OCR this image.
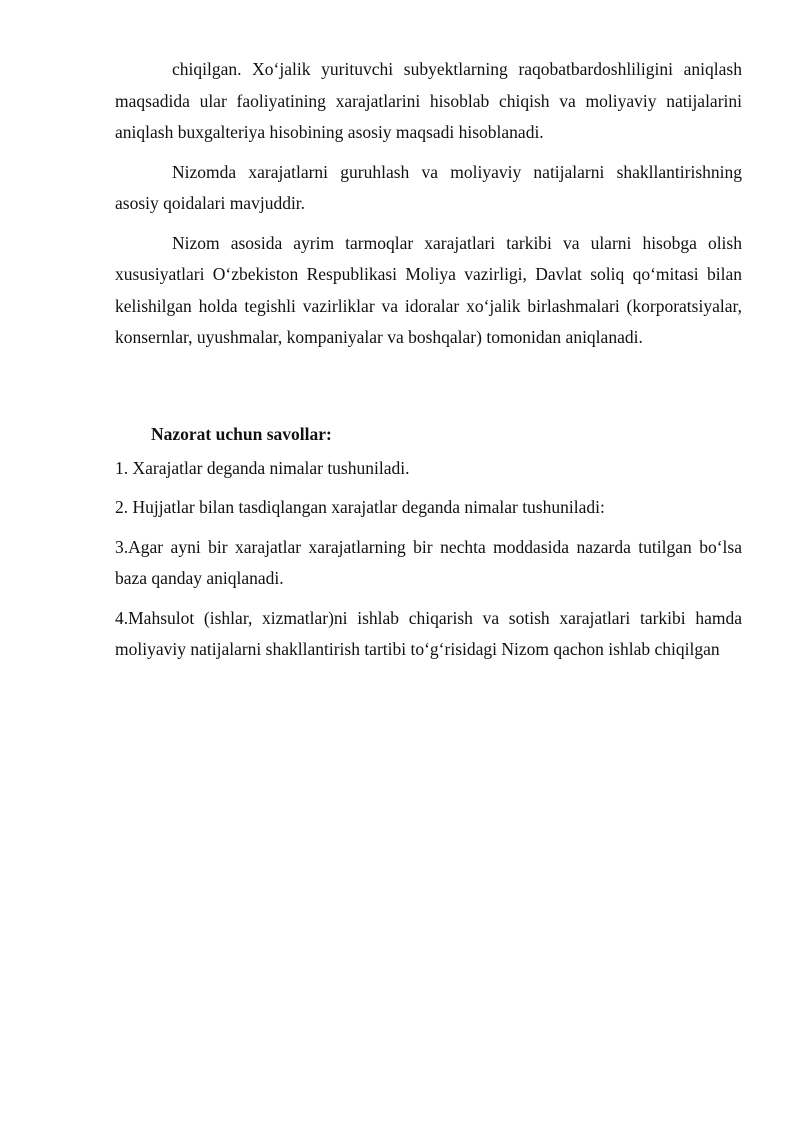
chiqilgan. Xo‘jalik yurituvchi subyektlarning raqobatbardoshliligini aniqlash maqsadida ular faoliyatining xarajatlarini hisoblab chiqish va moliyaviy natijalarini aniqlash buxgalteriya hisobining asosiy maqsadi hisoblanadi.

Nizomda xarajatlarni guruhlash va moliyaviy natijalarni shakllantirishning asosiy qoidalari mavjuddir.

Nizom asosida ayrim tarmoqlar xarajatlari tarkibi va ularni hisobga olish xususiyatlari O‘zbekiston Respublikasi Moliya vazirligi, Davlat soliq qo‘mitasi bilan kelishilgan holda tegishli vazirliklar va idoralar xo‘jalik birlashmalari (korporatsiyalar, konsernlar, uyushmalar, kompaniyalar va boshqalar) tomonidan aniqlanadi.

Nazorat uchun savollar:

1. Xarajatlar deganda nimalar tushuniladi.

2. Hujjatlar bilan tasdiqlangan xarajatlar deganda nimalar tushuniladi:

3.Agar ayni bir xarajatlar xarajatlarning bir nechta moddasida nazarda tutilgan bo‘lsa baza qanday aniqlanadi.

4.Mahsulot (ishlar, xizmatlar)ni ishlab chiqarish va sotish xarajatlari tarkibi hamda moliyaviy natijalarni shakllantirish tartibi to‘g‘risidagi Nizom qachon ishlab chiqilgan
